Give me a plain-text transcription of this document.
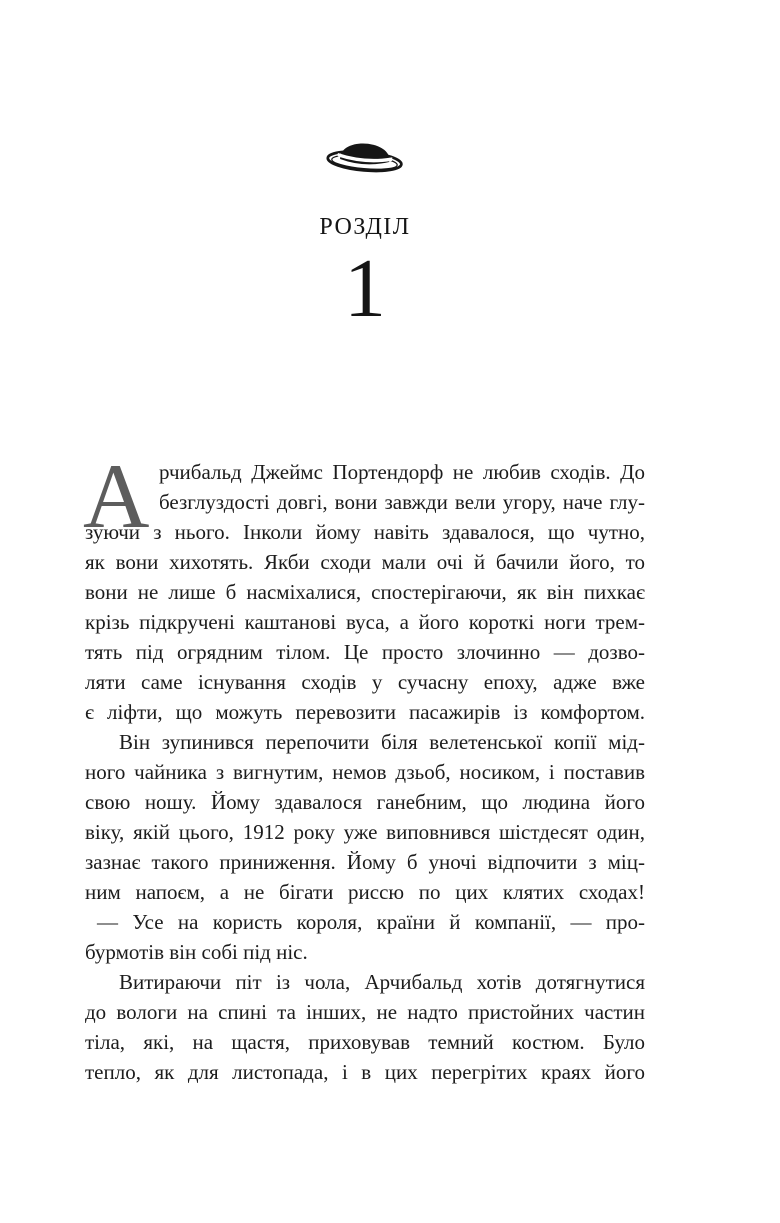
РОЗДІЛ
1
А рчибальд Джеймс Портендорф не любив сходів. До
безглуздості довгі, вони завжди вели угору, наче глу-
зуючи з нього. Інколи йому навіть здавалося, що чутно,
як вони хихотять. Якби сходи мали очі й бачили його, то
вони не лише б насміхалися, спостерігаючи, як він пихкає
крізь підкручені каштанові вуса, а його короткі ноги трем-
тять під огрядним тілом. Це просто злочинно — дозво-
ляти саме існування сходів у сучасну епоху, адже вже
є ліфти, що можуть перевозити пасажирів із комфортом.
Він зупинився перепочити біля велетенської копії мід-
ного чайника з вигнутим, немов дзьоб, носиком, і поставив
свою ношу. Йому здавалося ганебним, що людина його
віку, якій цього, 1912 року уже виповнився шістдесят один,
зазнає такого приниження. Йому б уночі відпочити з міц-
ним напоєм, а не бігати риссю по цих клятих сходах!
— Усе на користь короля, країни й компанії, — про-
бурмотів він собі під ніс.
Витираючи піт із чола, Арчибальд хотів дотягнутися
до вологи на спині та інших, не надто пристойних частин
тіла, які, на щастя, приховував темний костюм. Було
тепло, як для листопада, і в цих перегрітих краях його
